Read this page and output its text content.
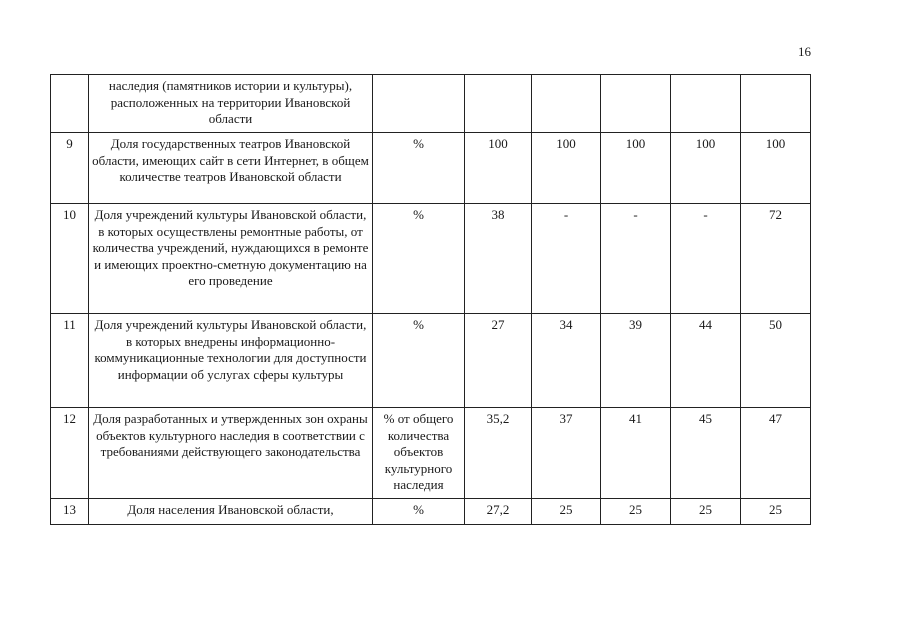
16
	наследия (памятников истории и культуры), расположенных на территории Ивановской области						
9	Доля государственных театров Ивановской области, имеющих сайт в сети Интернет, в общем количестве театров Ивановской области	%	100	100	100	100	100
10	Доля учреждений культуры Ивановской области, в которых осуществлены ремонтные работы, от количества учреждений, нуждающихся в ремонте и имеющих проектно-сметную документацию на его проведение	%	38	-	-	-	72
11	Доля учреждений культуры Ивановской области, в которых внедрены информационно-коммуникационные технологии для доступности информации об услугах сферы культуры	%	27	34	39	44	50
12	Доля разработанных и утвержденных зон охраны объектов культурного наследия в соответствии с требованиями действующего законодательства	% от общего количества объектов культурного наследия	35,2	37	41	45	47
13	Доля населения Ивановской области,	%	27,2	25	25	25	25
